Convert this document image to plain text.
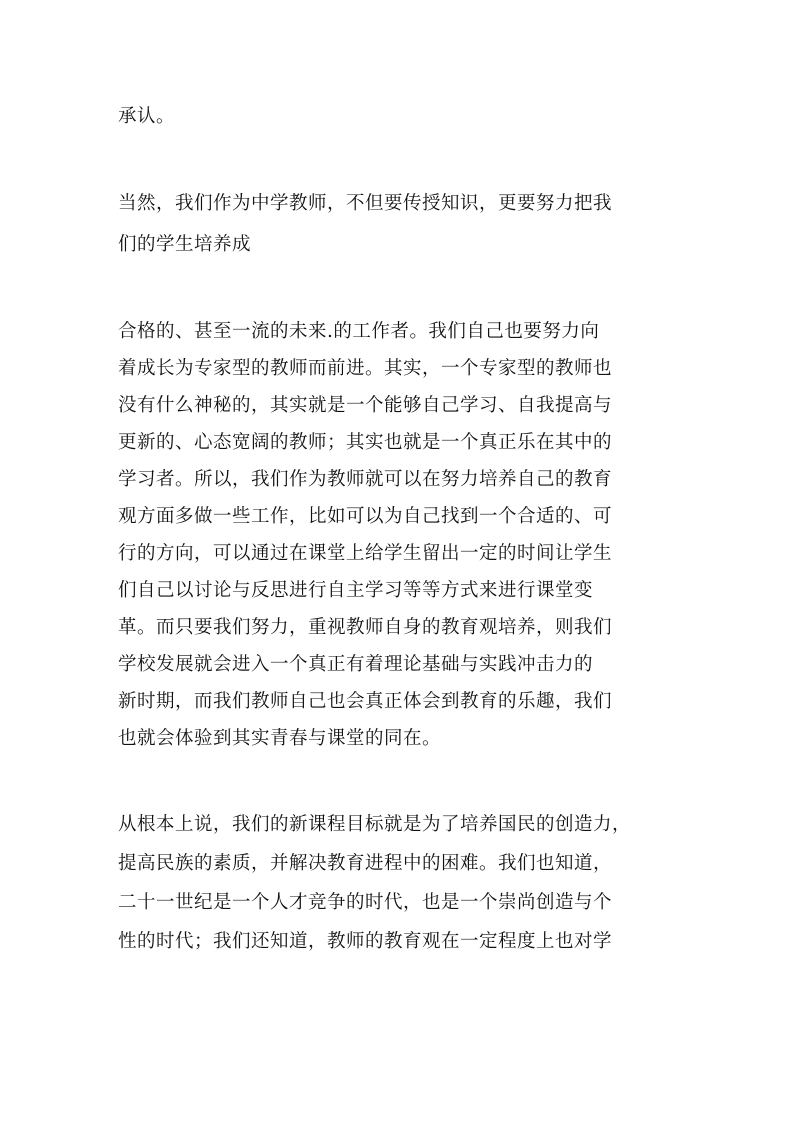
承认。
当然，我们作为中学教师，不但要传授知识，更要努力把我
们的学生培养成
合格的、甚至一流的未来.的工作者。我们自己也要努力向
着成长为专家型的教师而前进。其实，一个专家型的教师也
没有什么神秘的，其实就是一个能够自己学习、自我提高与
更新的、心态宽阔的教师；其实也就是一个真正乐在其中的
学习者。所以，我们作为教师就可以在努力培养自己的教育
观方面多做一些工作，比如可以为自己找到一个合适的、可
行的方向，可以通过在课堂上给学生留出一定的时间让学生
们自己以讨论与反思进行自主学习等等方式来进行课堂变
革。而只要我们努力，重视教师自身的教育观培养，则我们
学校发展就会进入一个真正有着理论基础与实践冲击力的
新时期，而我们教师自己也会真正体会到教育的乐趣，我们
也就会体验到其实青春与课堂的同在。
从根本上说，我们的新课程目标就是为了培养国民的创造力，
提高民族的素质，并解决教育进程中的困难。我们也知道，
二十一世纪是一个人才竞争的时代，也是一个崇尚创造与个
性的时代；我们还知道，教师的教育观在一定程度上也对学
